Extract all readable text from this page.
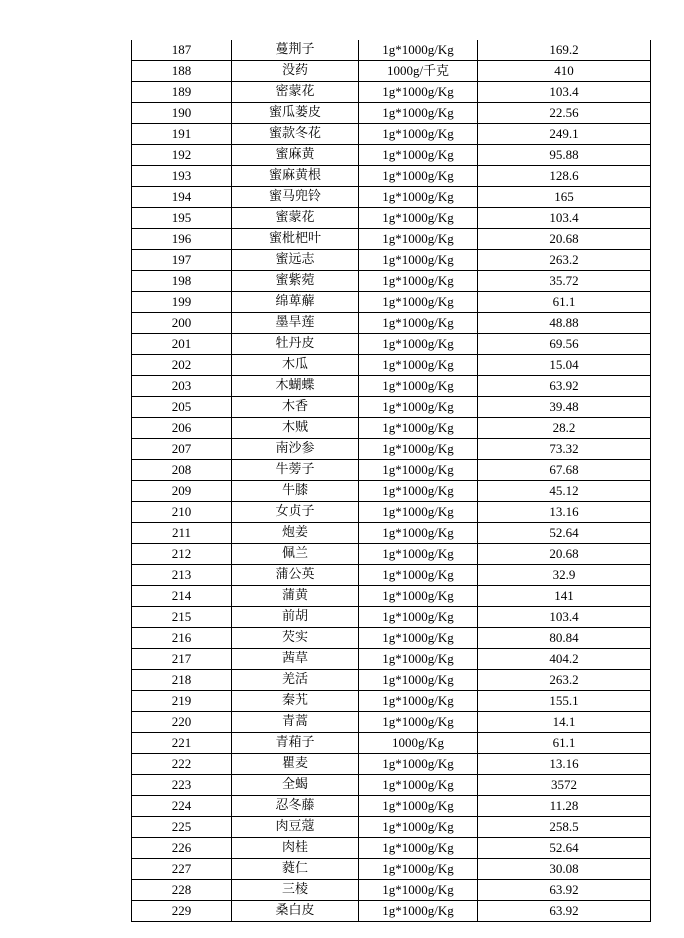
187	蔓荆子	1g*1000g/Kg	169.2
188	没药	1000g/千克	410
189	密蒙花	1g*1000g/Kg	103.4
190	蜜瓜蒌皮	1g*1000g/Kg	22.56
191	蜜款冬花	1g*1000g/Kg	249.1
192	蜜麻黄	1g*1000g/Kg	95.88
193	蜜麻黄根	1g*1000g/Kg	128.6
194	蜜马兜铃	1g*1000g/Kg	165
195	蜜蒙花	1g*1000g/Kg	103.4
196	蜜枇杷叶	1g*1000g/Kg	20.68
197	蜜远志	1g*1000g/Kg	263.2
198	蜜紫菀	1g*1000g/Kg	35.72
199	绵萆薢	1g*1000g/Kg	61.1
200	墨旱莲	1g*1000g/Kg	48.88
201	牡丹皮	1g*1000g/Kg	69.56
202	木瓜	1g*1000g/Kg	15.04
203	木蝴蝶	1g*1000g/Kg	63.92
205	木香	1g*1000g/Kg	39.48
206	木贼	1g*1000g/Kg	28.2
207	南沙参	1g*1000g/Kg	73.32
208	牛蒡子	1g*1000g/Kg	67.68
209	牛膝	1g*1000g/Kg	45.12
210	女贞子	1g*1000g/Kg	13.16
211	炮姜	1g*1000g/Kg	52.64
212	佩兰	1g*1000g/Kg	20.68
213	蒲公英	1g*1000g/Kg	32.9
214	蒲黄	1g*1000g/Kg	141
215	前胡	1g*1000g/Kg	103.4
216	芡实	1g*1000g/Kg	80.84
217	茜草	1g*1000g/Kg	404.2
218	羌活	1g*1000g/Kg	263.2
219	秦艽	1g*1000g/Kg	155.1
220	青蒿	1g*1000g/Kg	14.1
221	青葙子	1000g/Kg	61.1
222	瞿麦	1g*1000g/Kg	13.16
223	全蝎	1g*1000g/Kg	3572
224	忍冬藤	1g*1000g/Kg	11.28
225	肉豆蔻	1g*1000g/Kg	258.5
226	肉桂	1g*1000g/Kg	52.64
227	蕤仁	1g*1000g/Kg	30.08
228	三棱	1g*1000g/Kg	63.92
229	桑白皮	1g*1000g/Kg	63.92
